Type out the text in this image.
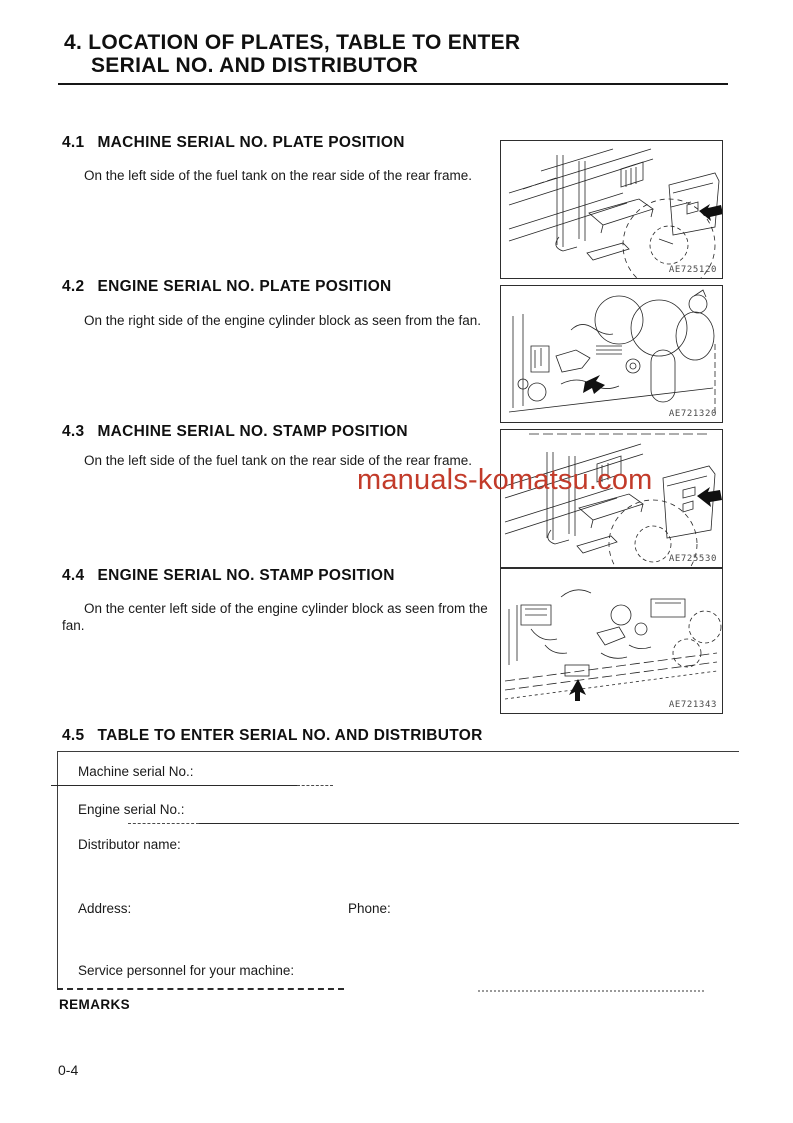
4. LOCATION OF PLATES, TABLE TO ENTER
SERIAL NO. AND DISTRIBUTOR
4.1 MACHINE SERIAL NO. PLATE POSITION

On the left side of the fuel tank on the rear side of the rear frame.

AE725120
4.2 ENGINE SERIAL NO. PLATE POSITION

On the right side of the engine cylinder block as seen from the fan.

AE721320
4.3 MACHINE SERIAL NO. STAMP POSITION

On the left side of the fuel tank on the rear side of the rear frame.

manuals-komatsu.com
AE725530
4.4 ENGINE SERIAL NO. STAMP POSITION

On the center left side of the engine cylinder block as seen from the fan.

AE721343
4.5 TABLE TO ENTER SERIAL NO. AND DISTRIBUTOR
Machine serial No.:
Engine serial No.:
Distributor name:
Address:	Phone:
Service personnel for your machine:
REMARKS
0-4
